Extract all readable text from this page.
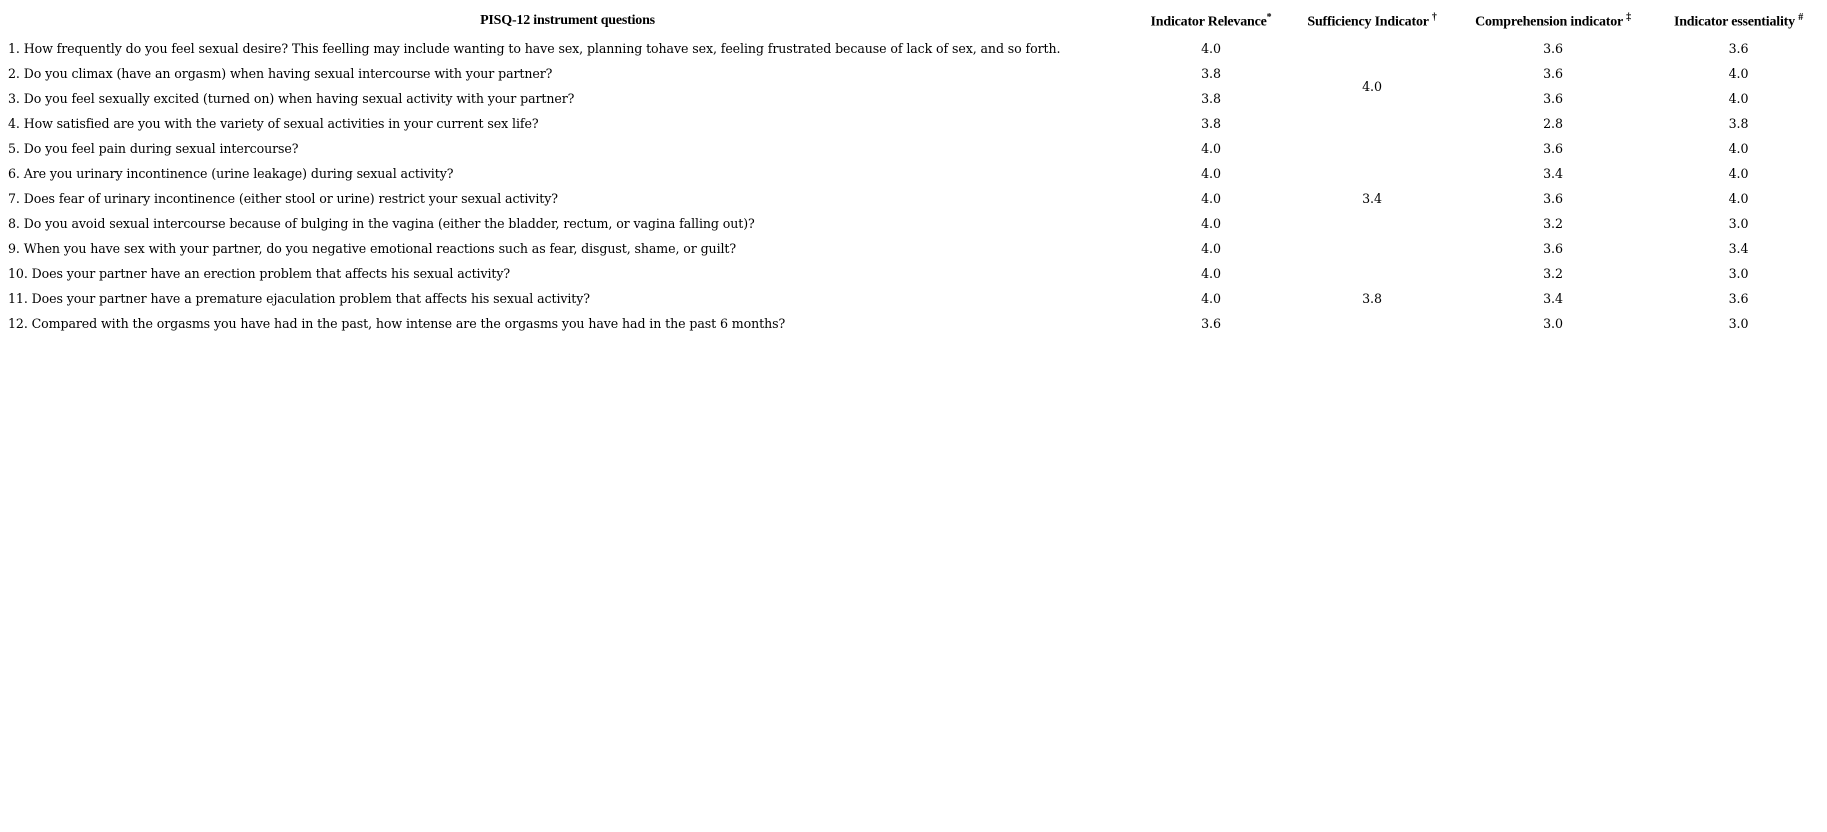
PISQ-12 instrument questions	Indicator Relevance*	Sufficiency Indicator †	Comprehension indicator ‡	Indicator essentiality #
1. How frequently do you feel sexual desire? This feelling may include wanting to have sex, planning tohave sex, feeling frustrated because of lack of sex, and so forth.	4.0	4.0	3.6	3.6
2. Do you climax (have an orgasm) when having sexual intercourse with your partner?	3.8		3.6	4.0
3. Do you feel sexually excited (turned on) when having sexual activity with your partner?	3.8		3.6	4.0
4. How satisfied are you with the variety of sexual activities in your current sex life?	3.8		2.8	3.8
5. Do you feel pain during sexual intercourse?	4.0	3.4	3.6	4.0
6. Are you urinary incontinence (urine leakage) during sexual activity?	4.0		3.4	4.0
7. Does fear of urinary incontinence (either stool or urine) restrict your sexual activity?	4.0		3.6	4.0
8. Do you avoid sexual intercourse because of bulging in the vagina (either the bladder, rectum, or vagina falling out)?	4.0		3.2	3.0
9. When you have sex with your partner, do you negative emotional reactions such as fear, disgust, shame, or guilt?	4.0		3.6	3.4
10. Does your partner have an erection problem that affects his sexual activity?	4.0	3.8	3.2	3.0
11. Does your partner have a premature ejaculation problem that affects his sexual activity?	4.0		3.4	3.6
12. Compared with the orgasms you have had in the past, how intense are the orgasms you have had in the past 6 months?	3.6		3.0	3.0
